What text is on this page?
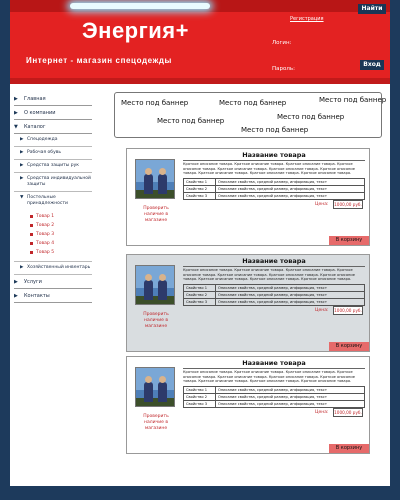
Найти
Регистрация
Энергия+
Интернет - магазин спецодежды
Логин:
Пароль:
Вход
▶	Главная
▶	О компании
▼	Каталог
▶ Спецодежда
▶ Рабочая обувь
▶ Средства защиты рук
▶ Средства индивидуальной защиты
▼ Постельные принадлежности
Товар 1
Товар 2
Товар 3
Товар 4
Товар 5
▶ Хозяйственный инвентарь
▶	Услуги
▶	Контакты
Место под баннер	Место под баннер	Место под баннер
Место под баннер	Место под баннер
Место под баннер
Проверить наличие в магазине
Название товара
Краткое описание товара. Краткое описание товара. Краткое описание товара. Краткое описание товара. Краткое описание товара. Краткое описание товара. Краткое описание товара. Краткое описание товара. Краткое описание товара. Краткое описание товара.
Свойство 1	Описание свойства, средний размер, информация, текст
Свойство 2	Описание свойства, средний размер, информация, текст
Свойство 3	Описание свойства, средний размер, информация, текст
Цена: 1000,00 руб.
В корзину
Проверить наличие в магазине
Название товара
Краткое описание товара. Краткое описание товара. Краткое описание товара. Краткое описание товара. Краткое описание товара. Краткое описание товара. Краткое описание товара. Краткое описание товара. Краткое описание товара. Краткое описание товара.
Свойство 1	Описание свойства, средний размер, информация, текст
Свойство 2	Описание свойства, средний размер, информация, текст
Свойство 3	Описание свойства, средний размер, информация, текст
Цена: 1000,00 руб.
В корзину
Проверить наличие в магазине
Название товара
Краткое описание товара. Краткое описание товара. Краткое описание товара. Краткое описание товара. Краткое описание товара. Краткое описание товара. Краткое описание товара. Краткое описание товара. Краткое описание товара. Краткое описание товара.
Свойство 1	Описание свойства, средний размер, информация, текст
Свойство 2	Описание свойства, средний размер, информация, текст
Свойство 3	Описание свойства, средний размер, информация, текст
Цена: 1000,00 руб.
В корзину
